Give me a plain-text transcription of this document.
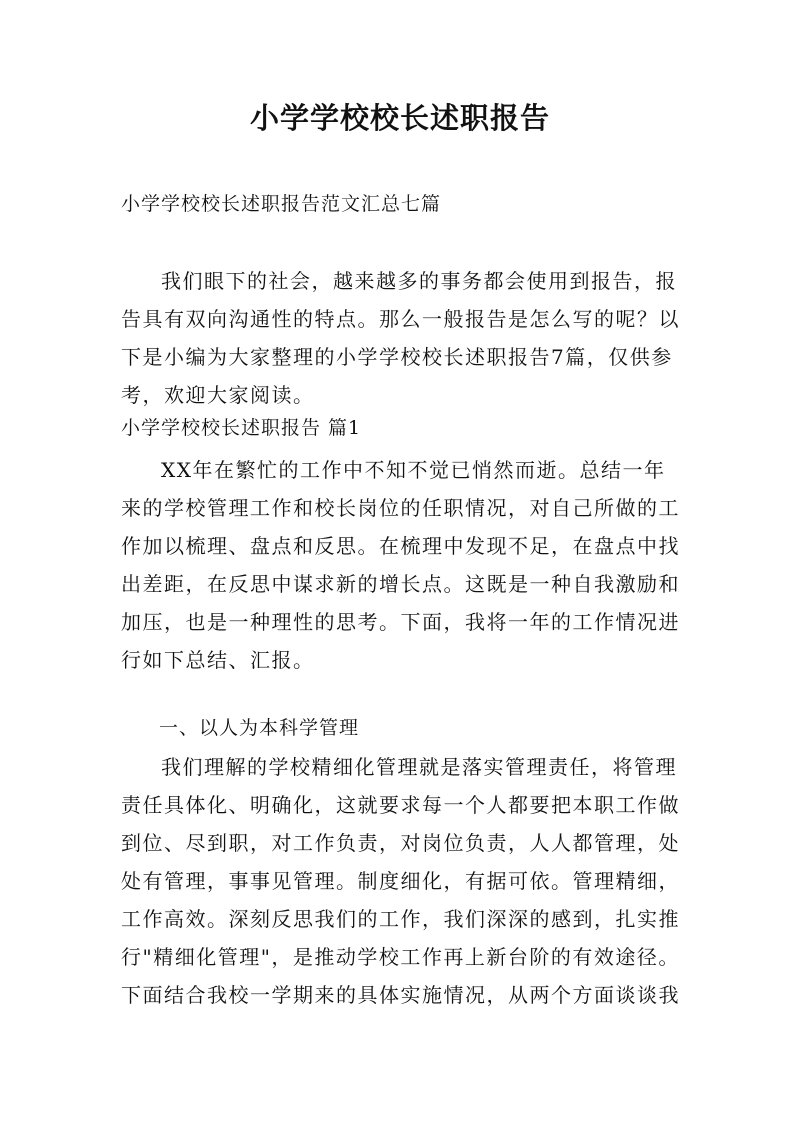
小学学校校长述职报告
小学学校校长述职报告范文汇总七篇

我们眼下的社会，越来越多的事务都会使用到报告，报告具有双向沟通性的特点。那么一般报告是怎么写的呢？以下是小编为大家整理的小学学校校长述职报告7篇，仅供参考，欢迎大家阅读。

小学学校校长述职报告 篇1

XX年在繁忙的工作中不知不觉已悄然而逝。总结一年来的学校管理工作和校长岗位的任职情况，对自己所做的工作加以梳理、盘点和反思。在梳理中发现不足，在盘点中找出差距，在反思中谋求新的增长点。这既是一种自我激励和加压，也是一种理性的思考。下面，我将一年的工作情况进行如下总结、汇报。

一、以人为本科学管理

我们理解的学校精细化管理就是落实管理责任，将管理责任具体化、明确化，这就要求每一个人都要把本职工作做到位、尽到职，对工作负责，对岗位负责，人人都管理，处处有管理，事事见管理。制度细化，有据可依。管理精细，工作高效。深刻反思我们的工作，我们深深的感到，扎实推行"精细化管理"，是推动学校工作再上新台阶的有效途径。下面结合我校一学期来的具体实施情况，从两个方面谈谈我
